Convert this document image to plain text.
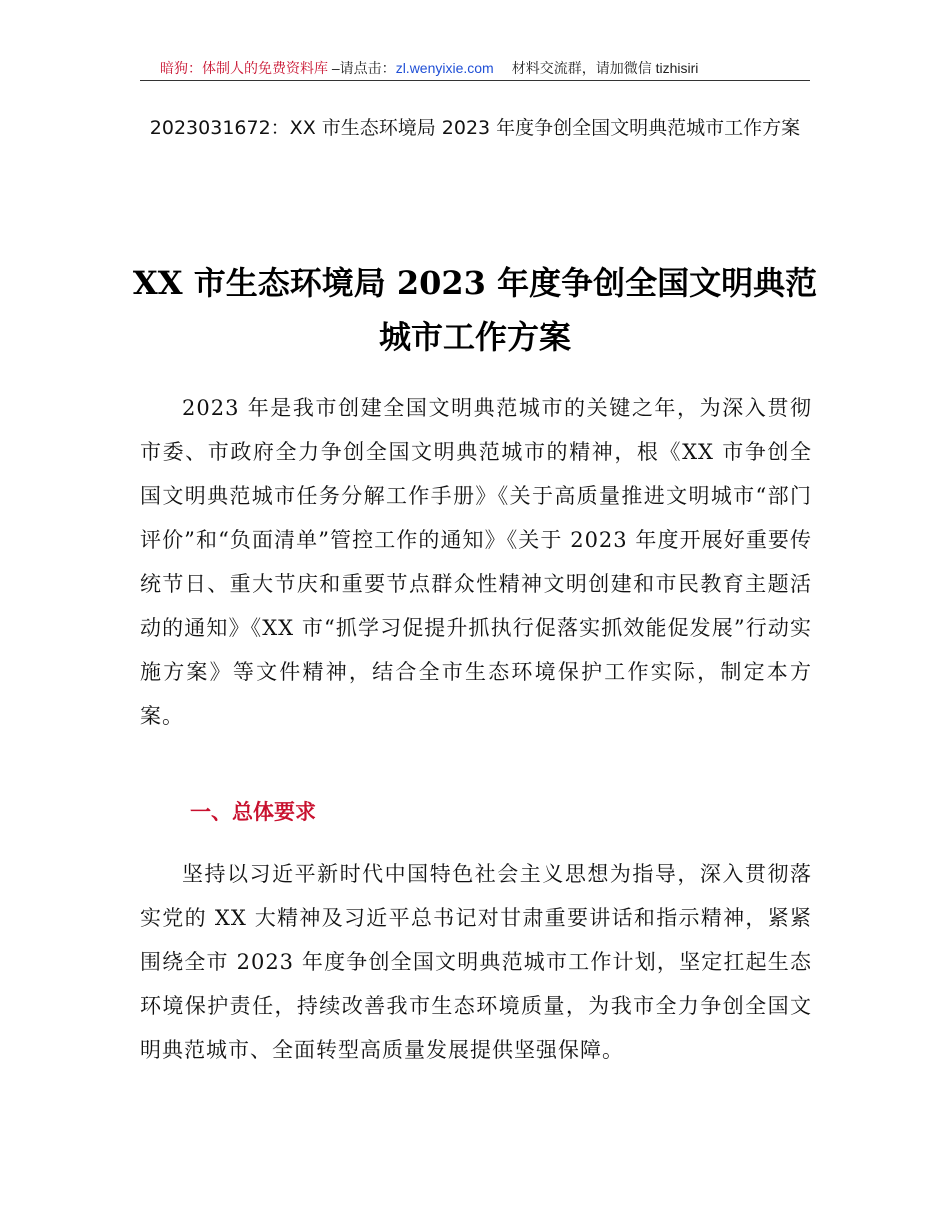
暗狗：体制人的免费资料库 –请点击：zl.wenyixie.com 材料交流群，请加微信 tizhisiri
2023031672：XX 市生态环境局 2023 年度争创全国文明典范城市工作方案
XX 市生态环境局 2023 年度争创全国文明典范城市工作方案
2023 年是我市创建全国文明典范城市的关键之年，为深入贯彻市委、市政府全力争创全国文明典范城市的精神，根《XX 市争创全国文明典范城市任务分解工作手册》《关于高质量推进文明城市“部门评价”和“负面清单”管控工作的通知》《关于 2023 年度开展好重要传统节日、重大节庆和重要节点群众性精神文明创建和市民教育主题活动的通知》《XX 市“抓学习促提升抓执行促落实抓效能促发展”行动实施方案》等文件精神，结合全市生态环境保护工作实际，制定本方案。
一、总体要求
坚持以习近平新时代中国特色社会主义思想为指导，深入贯彻落实党的 XX 大精神及习近平总书记对甘肃重要讲话和指示精神，紧紧围绕全市 2023 年度争创全国文明典范城市工作计划，坚定扛起生态环境保护责任，持续改善我市生态环境质量，为我市全力争创全国文明典范城市、全面转型高质量发展提供坚强保障。
